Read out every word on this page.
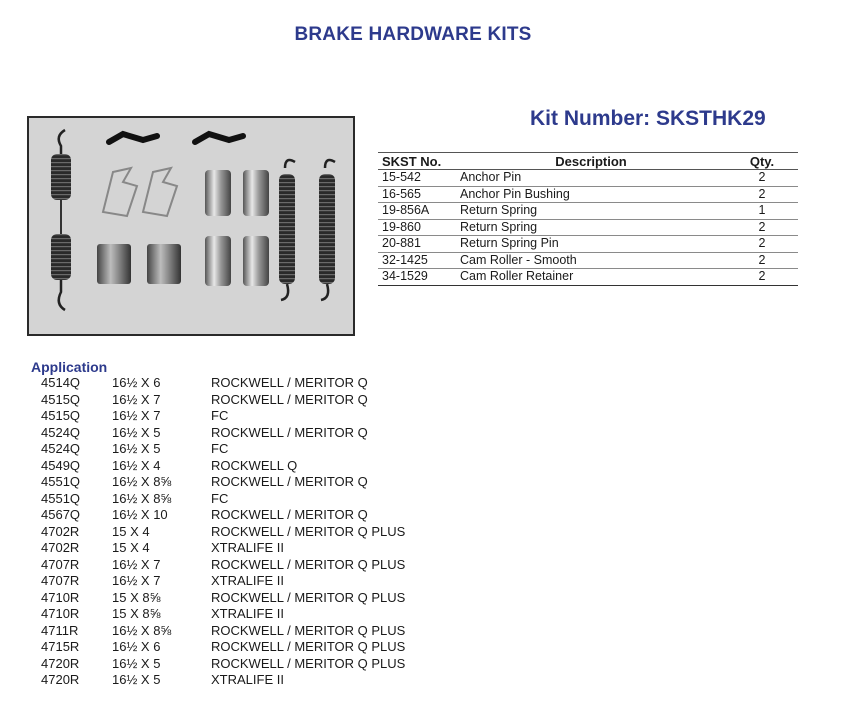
BRAKE HARDWARE KITS
Kit Number: SKSTHK29
SKST No.	Description	Qty.
15-542	Anchor Pin	2
16-565	Anchor Pin Bushing	2
19-856A	Return Spring	1
19-860	Return Spring	2
20-881	Return Spring Pin	2
32-1425	Cam Roller - Smooth	2
34-1529	Cam Roller Retainer	2
Application
4514Q 16½ X 6	ROCKWELL / MERITOR Q
4515Q 16½ X 7	ROCKWELL / MERITOR Q
4515Q 16½ X 7	FC
4524Q 16½ X 5	ROCKWELL / MERITOR Q
4524Q 16½ X 5	FC
4549Q 16½ X 4	ROCKWELL Q
4551Q 16½ X 8⅝	ROCKWELL / MERITOR Q
4551Q 16½ X 8⅝	FC
4567Q 16½ X 10	ROCKWELL / MERITOR Q
4702R	15 X 4	ROCKWELL / MERITOR Q PLUS
4702R	15 X 4	XTRALIFE II
4707R	16½ X 7	ROCKWELL / MERITOR Q PLUS
4707R	16½ X 7	XTRALIFE II
4710R	15 X 8⅝	ROCKWELL / MERITOR Q PLUS
4710R	15 X 8⅝	XTRALIFE II
4711R	16½ X 8⅝	ROCKWELL / MERITOR Q PLUS
4715R	16½ X 6	ROCKWELL / MERITOR Q PLUS
4720R	16½ X 5	ROCKWELL / MERITOR Q PLUS
4720R	16½ X 5	XTRALIFE II
